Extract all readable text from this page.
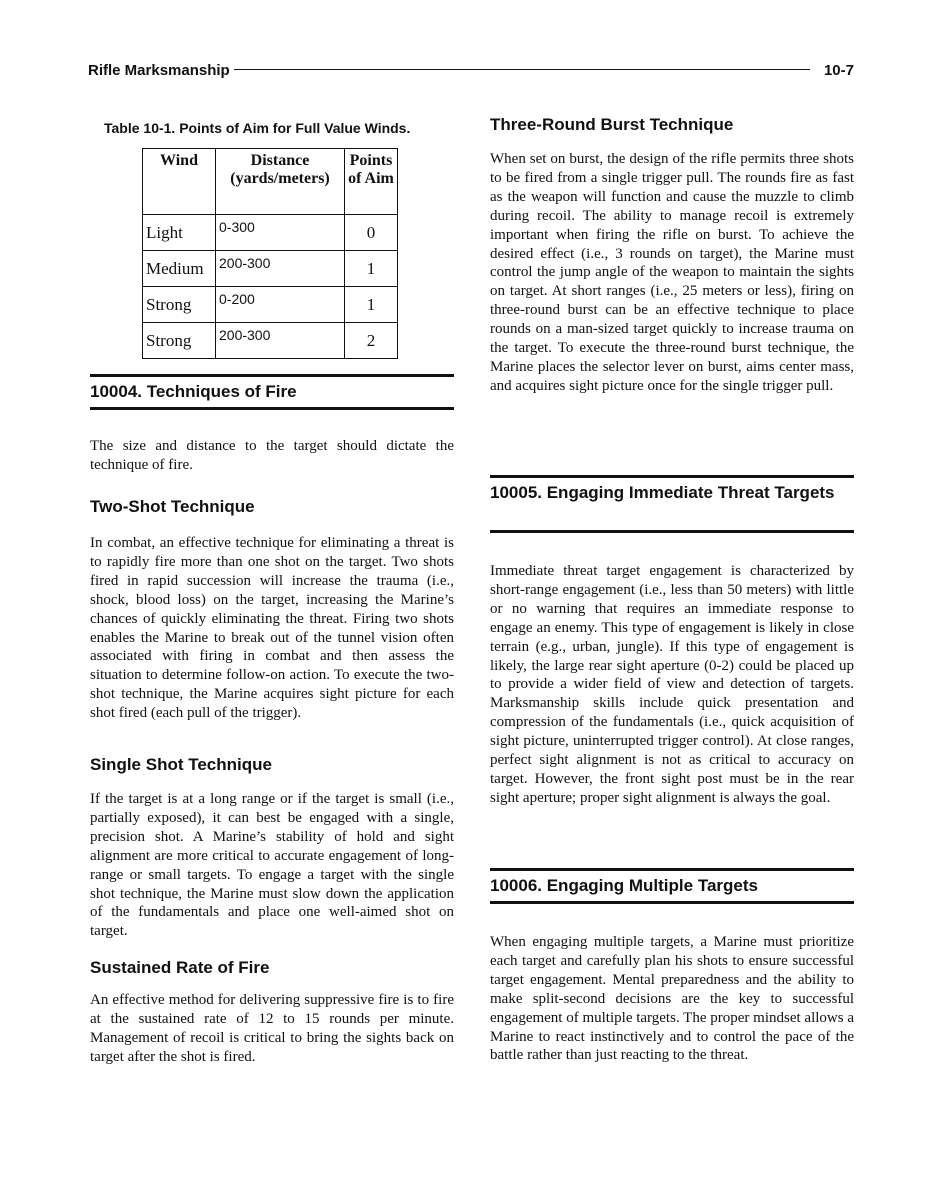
Rifle Marksmanship	10-7
Table 10-1. Points of Aim for Full Value Winds.
Wind	Distance (yards/meters)	Points of Aim
Light	0-300	0
Medium	200-300	1
Strong	0-200	1
Strong	200-300	2
10004. Techniques of Fire
The size and distance to the target should dictate the technique of fire.
Two-Shot Technique
In combat, an effective technique for eliminating a threat is to rapidly fire more than one shot on the target. Two shots fired in rapid succession will increase the trauma (i.e., shock, blood loss) on the target, increasing the Marine’s chances of quickly eliminating the threat. Firing two shots enables the Marine to break out of the tunnel vision often associated with firing in combat and then assess the situation to determine follow-on action. To execute the two-shot technique, the Marine acquires sight picture for each shot fired (each pull of the trigger).
Single Shot Technique
If the target is at a long range or if the target is small (i.e., partially exposed), it can best be engaged with a single, precision shot. A Marine’s stability of hold and sight alignment are more critical to accurate engagement of long-range or small targets. To engage a target with the single shot technique, the Marine must slow down the application of the fundamentals and place one well-aimed shot on target.
Sustained Rate of Fire
An effective method for delivering suppressive fire is to fire at the sustained rate of 12 to 15 rounds per minute. Management of recoil is critical to bring the sights back on target after the shot is fired.
Three-Round Burst Technique
When set on burst, the design of the rifle permits three shots to be fired from a single trigger pull. The rounds fire as fast as the weapon will function and cause the muzzle to climb during recoil. The ability to manage recoil is extremely important when firing the rifle on burst. To achieve the desired effect (i.e., 3 rounds on target), the Marine must control the jump angle of the weapon to maintain the sights on target. At short ranges (i.e., 25 meters or less), firing on three-round burst can be an effective technique to place rounds on a man-sized target quickly to increase trauma on the target. To execute the three-round burst technique, the Marine places the selector lever on burst, aims center mass, and acquires sight picture once for the single trigger pull.
10005. Engaging Immediate Threat Targets
Immediate threat target engagement is characterized by short-range engagement (i.e., less than 50 meters) with little or no warning that requires an immediate response to engage an enemy. This type of engagement is likely in close terrain (e.g., urban, jungle). If this type of engagement is likely, the large rear sight aperture (0-2) could be placed up to provide a wider field of view and detection of targets. Marksmanship skills include quick presentation and compression of the fundamentals (i.e., quick acquisition of sight picture, uninterrupted trigger control). At close ranges, perfect sight alignment is not as critical to accuracy on target. However, the front sight post must be in the rear sight aperture; proper sight alignment is always the goal.
10006. Engaging Multiple Targets
When engaging multiple targets, a Marine must prioritize each target and carefully plan his shots to ensure successful target engagement. Mental preparedness and the ability to make split-second decisions are the key to successful engagement of multiple targets. The proper mindset allows a Marine to react instinctively and to control the pace of the battle rather than just reacting to the threat.
